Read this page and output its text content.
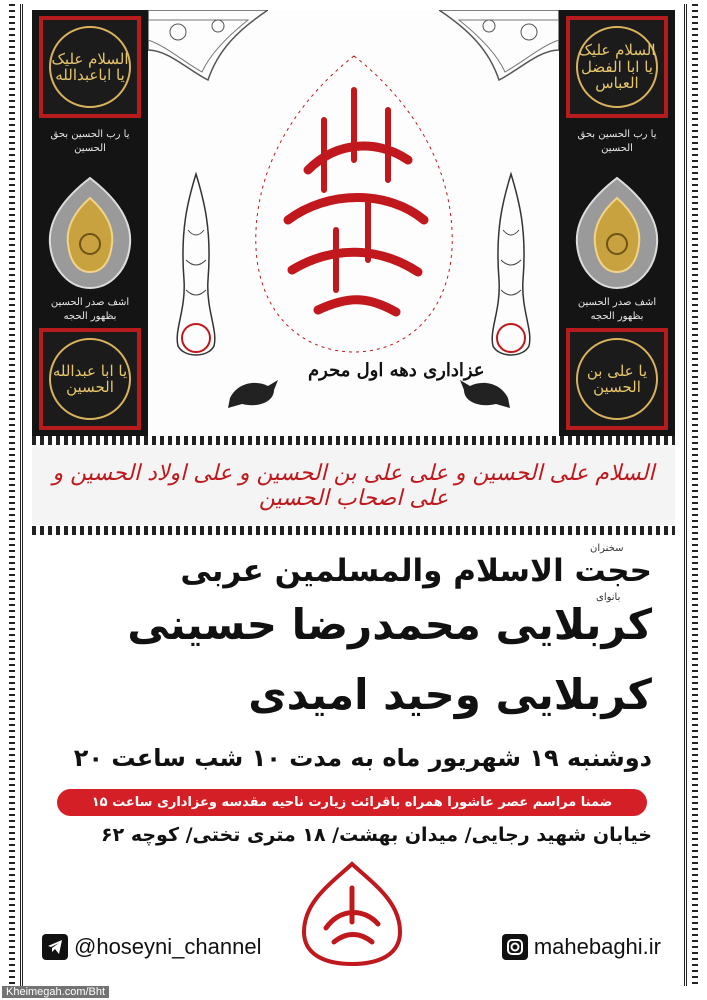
السلام علیک یا اباعبدالله
یا رب الحسین بحق الحسین
اشف صدر الحسین بظهور الحجه
یا ابا عبدالله الحسین
عزاداری دهه اول محرم
السلام علیک یا ابا الفضل العباس
یا رب الحسین بحق الحسین
اشف صدر الحسین بظهور الحجه
یا علی بن الحسین
السلام علی الحسین و علی علی بن الحسین و علی اولاد الحسین و علی اصحاب الحسین
سخنران
حجت الاسلام والمسلمین عربی
بانوای
کربلایی محمدرضا حسینی
کربلایی وحید امیدی
دوشنبه ۱۹ شهریور ماه به مدت ۱۰ شب ساعت ۲۰
ضمنا مراسم عصر عاشورا همراه باقرائت زیارت ناحیه مقدسه وعزاداری ساعت ۱۵
خیابان شهید رجایی/ میدان بهشت/ ۱۸ متری تختی/ کوچه ۶۲
@hoseyni_channel	mahebaghi.ir
Kheimegah.com/Bht
